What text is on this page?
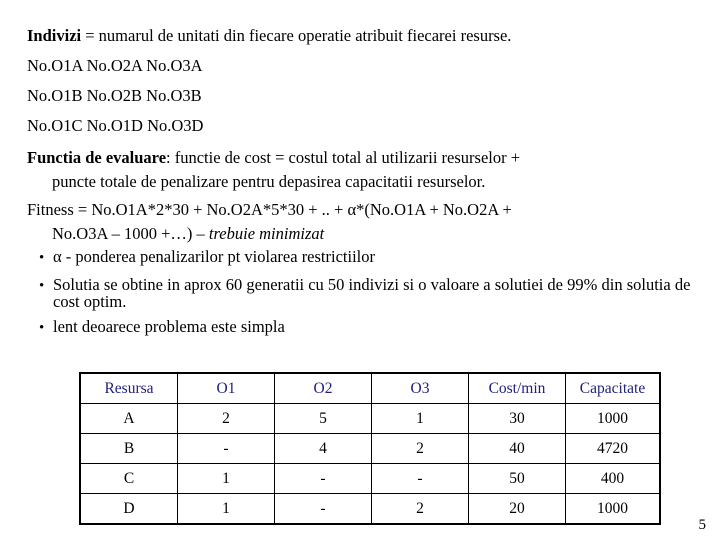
Indivizi = numarul de unitati din fiecare operatie atribuit fiecarei resurse.
No.O1A No.O2A No.O3A
No.O1B No.O2B No.O3B
No.O1C No.O1D No.O3D
Functia de evaluare: functie de cost = costul total al utilizarii resurselor +
puncte totale de penalizare pentru depasirea capacitatii resurselor.
Fitness = No.O1A*2*30 + No.O2A*5*30 + .. + α*(No.O1A + No.O2A +
No.O3A – 1000 +…) – trebuie minimizat
• α - ponderea penalizarilor pt violarea restrictiilor
• Solutia se obtine in aprox 60 generatii cu 50 indivizi si o valoare a solutiei de 99% din solutia de cost optim.
• lent deoarece problema este simpla
Resursa	O1	O2	O3	Cost/min	Capacitate
A	2	5	1	30	1000
B	-	4	2	40	4720
C	1	-	-	50	400
D	1	-	2	20	1000
5
